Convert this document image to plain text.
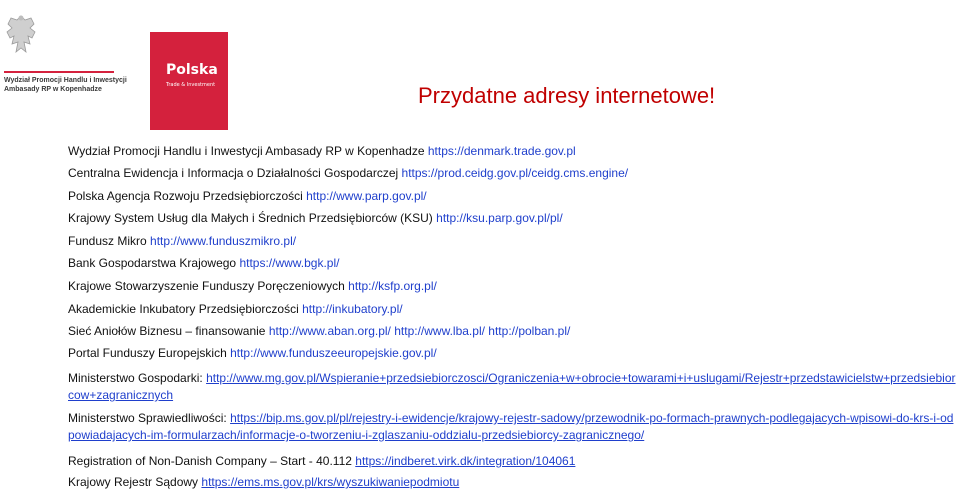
Wydział Promocji Handlu i Inwestycji
Ambasady RP w Kopenhadze
Polska
Trade & Investment	Przydatne adresy internetowe!
Wydział Promocji Handlu i Inwestycji Ambasady RP w Kopenhadze https://denmark.trade.gov.pl
Centralna Ewidencja i Informacja o Działalności Gospodarczej https://prod.ceidg.gov.pl/ceidg.cms.engine/
Polska Agencja Rozwoju Przedsiębiorczości http://www.parp.gov.pl/
Krajowy System Usług dla Małych i Średnich Przedsiębiorców (KSU) http://ksu.parp.gov.pl/pl/
Fundusz Mikro http://www.funduszmikro.pl/
Bank Gospodarstwa Krajowego https://www.bgk.pl/
Krajowe Stowarzyszenie Funduszy Poręczeniowych http://ksfp.org.pl/
Akademickie Inkubatory Przedsiębiorczości http://inkubatory.pl/
Sieć Aniołów Biznesu – finansowanie http://www.aban.org.pl/ http://www.lba.pl/ http://polban.pl/
Portal Funduszy Europejskich http://www.funduszeeuropejskie.gov.pl/
Ministerstwo Gospodarki: http://www.mg.gov.pl/Wspieranie+przedsiebiorczosci/Ograniczenia+w+obrocie+towarami+i+uslugami/Rejestr+przedstawicielstw+przedsiebiorcow+zagranicznych
Ministerstwo Sprawiedliwości: https://bip.ms.gov.pl/pl/rejestry-i-ewidencje/krajowy-rejestr-sadowy/przewodnik-po-formach-prawnych-podlegajacych-wpisowi-do-krs-i-odpowiadajacych-im-formularzach/informacje-o-tworzeniu-i-zglaszaniu-oddzialu-przedsiebiorcy-zagranicznego/
Registration of Non-Danish Company – Start - 40.112 https://indberet.virk.dk/integration/104061
Krajowy Rejestr Sądowy https://ems.ms.gov.pl/krs/wyszukiwaniepodmiotu
